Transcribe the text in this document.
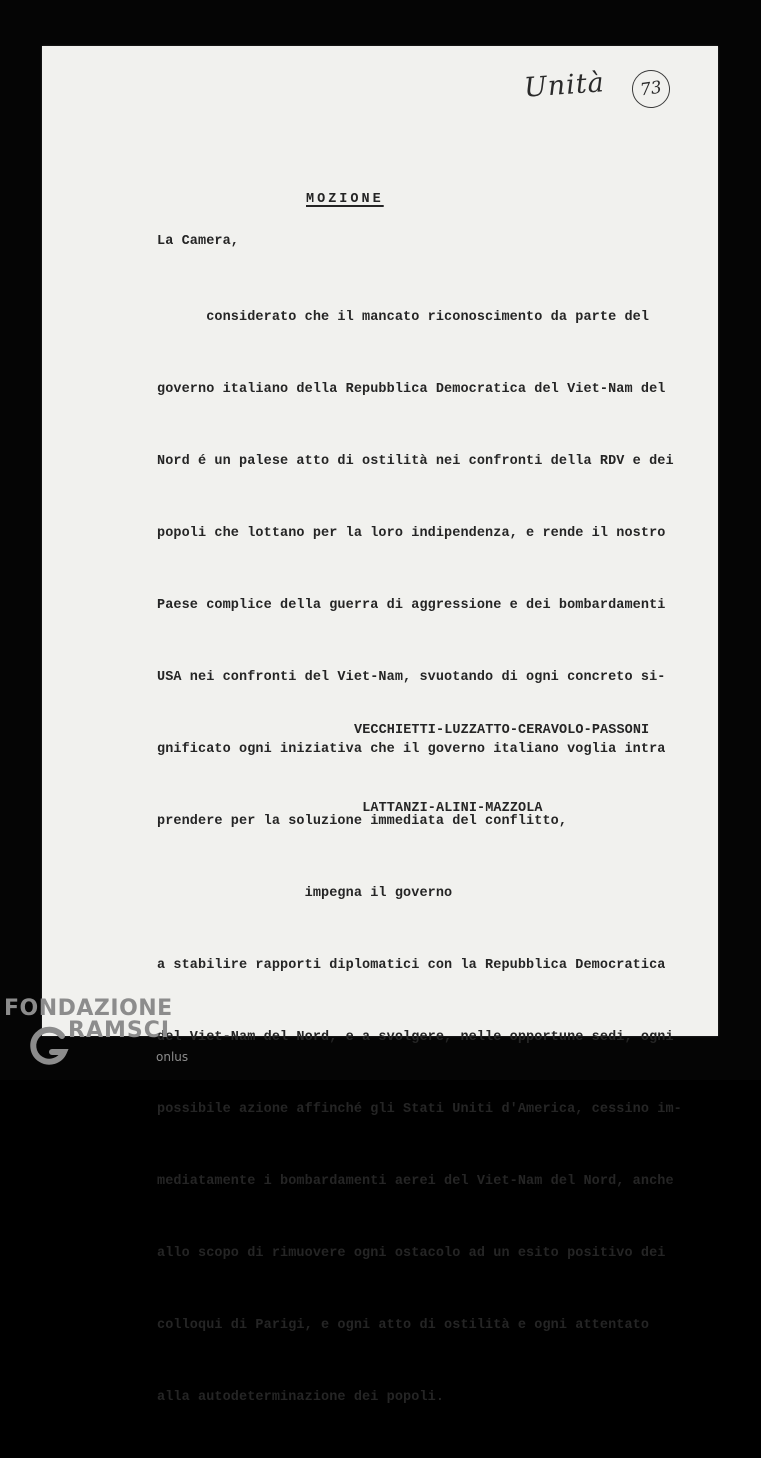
Unità	73
MOZIONE
La Camera,

considerato che il mancato riconoscimento da parte del

governo italiano della Repubblica Democratica del Viet-Nam del

Nord é un palese atto di ostilità nei confronti della RDV e dei

popoli che lottano per la loro indipendenza, e rende il nostro

Paese complice della guerra di aggressione e dei bombardamenti

USA nei confronti del Viet-Nam, svuotando di ogni concreto si-

gnificato ogni iniziativa che il governo italiano voglia intra

prendere per la soluzione immediata del conflitto,

impegna il governo

a stabilire rapporti diplomatici con la Repubblica Democratica

del Viet-Nam del Nord, e a svolgere, nelle opportune sedi, ogni

possibile azione affinché gli Stati Uniti d'America, cessino im-

mediatamente i bombardamenti aerei del Viet-Nam del Nord, anche

allo scopo di rimuovere ogni ostacolo ad un esito positivo dei

colloqui di Parigi, e ogni atto di ostilità e ogni attentato

alla autodeterminazione dei popoli.

VECCHIETTI-LUZZATTO-CERAVOLO-PASSONI

LATTANZI-ALINI-MAZZOLA

FONDAZIONE
RAMSCI
onlus
